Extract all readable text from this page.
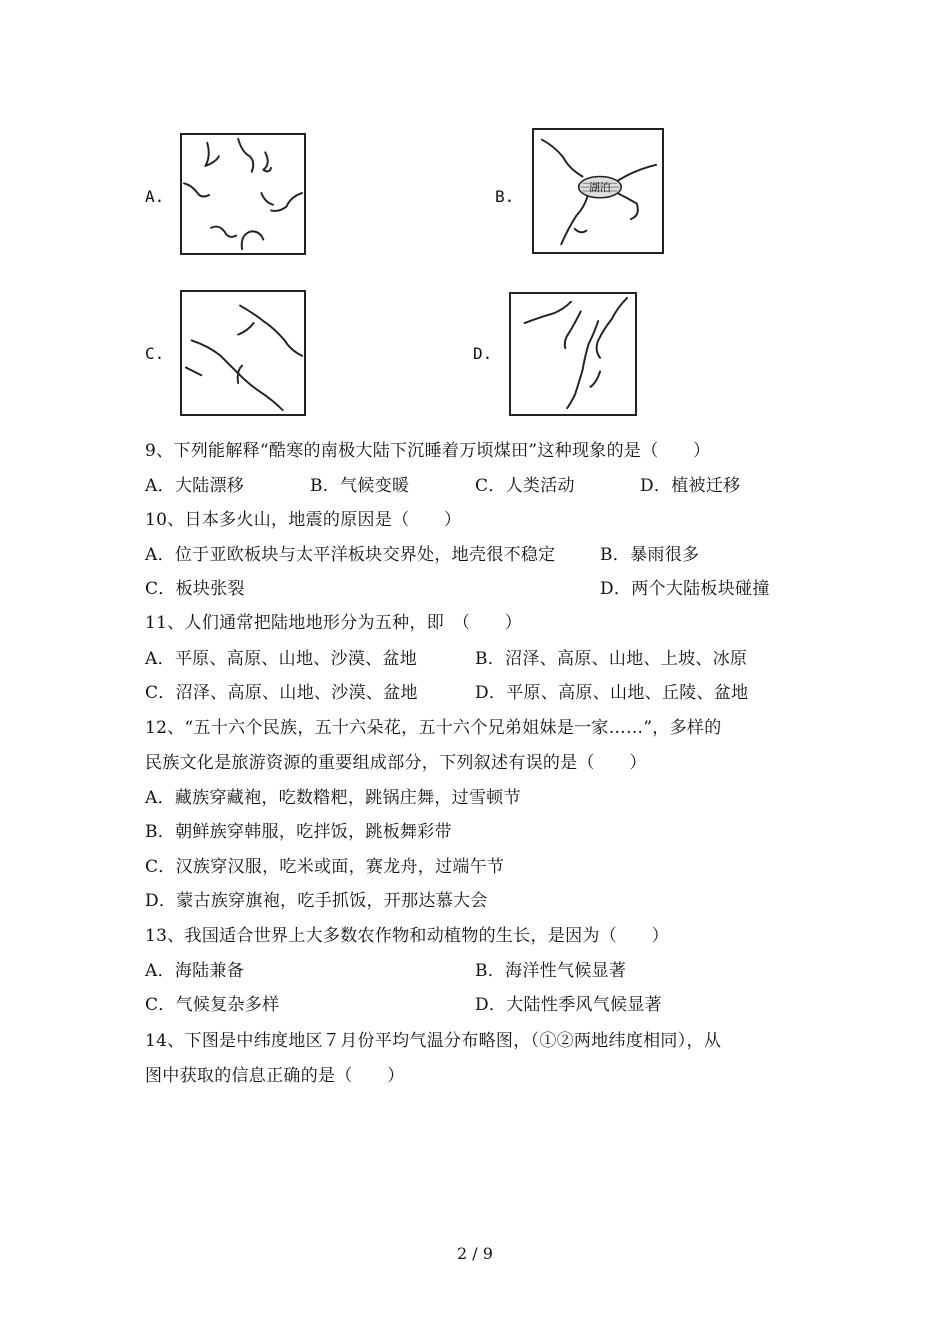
A.	B.	湖泊
C.	D.
9、下列能解释“酷寒的南极大陆下沉睡着万顷煤田”这种现象的是（　　）
A．大陆漂移	B．气候变暖	C．人类活动	D．植被迁移
10、日本多火山，地震的原因是（　　）
A．位于亚欧板块与太平洋板块交界处，地壳很不稳定	B．暴雨很多
C．板块张裂	D．两个大陆板块碰撞
11、人们通常把陆地地形分为五种，即　（　　）
A．平原、高原、山地、沙漠、盆地	B．沼泽、高原、山地、上坡、冰原
C．沼泽、高原、山地、沙漠、盆地	D．平原、高原、山地、丘陵、盆地
12、“五十六个民族，五十六朵花，五十六个兄弟姐妹是一家……”，多样的
民族文化是旅游资源的重要组成部分，下列叙述有误的是（　　）
A．藏族穿藏袍，吃数糌粑，跳锅庄舞，过雪顿节
B．朝鲜族穿韩服，吃拌饭，跳板舞彩带
C．汉族穿汉服，吃米或面，赛龙舟，过端午节
D．蒙古族穿旗袍，吃手抓饭，开那达慕大会
13、我国适合世界上大多数农作物和动植物的生长，是因为（　　）
A．海陆兼备	B．海洋性气候显著
C．气候复杂多样	D．大陆性季风气候显著
14、下图是中纬度地区７月份平均气温分布略图，（①②两地纬度相同），从
图中获取的信息正确的是（　　）
2 / 9
